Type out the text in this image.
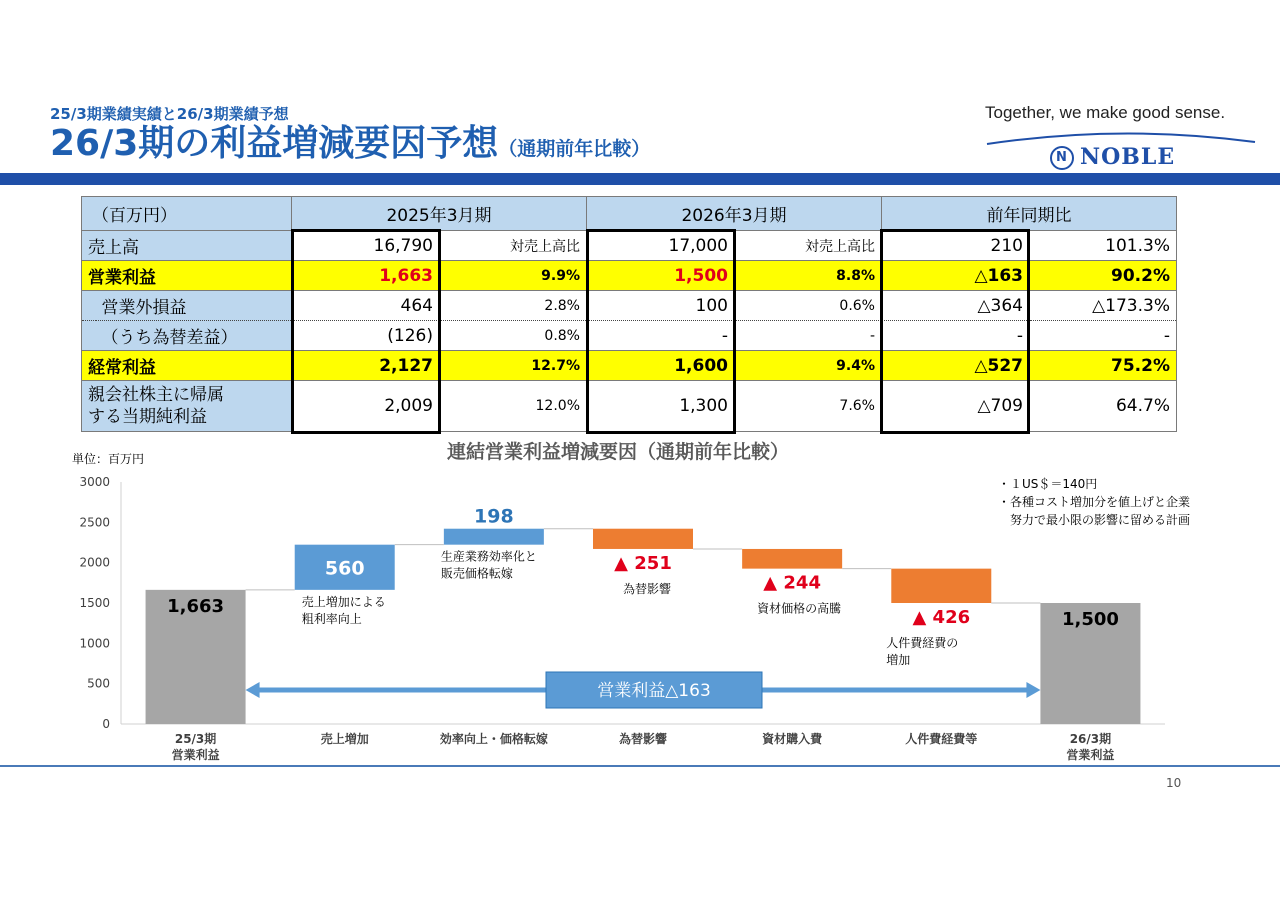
25/3期業績実績と26/3期業績予想
26/3期の利益増減要因予想（通期前年比較）
Together, we make good sense.
N NOBLE
（百万円）		2025年3月期		2026年3月期		前年同期比	
売上高		16,790	対売上高比	17,000	対売上高比	210	101.3%
営業利益		1,663	9.9%	1,500	8.8%	△163	90.2%
	営業外損益	464	2.8%	100	0.6%	△364	△173.3%
	（うち為替差益）	(126)	0.8%	-	-	-	-
経常利益		2,127	12.7%	1,600	9.4%	△527	75.2%
親会社株主に帰属
する当期純利益		2,009	12.0%	1,300	7.6%	△709	64.7%
連結営業利益増減要因（通期前年比較）
単位：百万円
0
500
1000
1500
2000
2500
3000
1,663
25/3期
営業利益
560
売上増加による
粗利率向上
売上増加
198
生産業務効率化と
販売価格転嫁
効率向上・価格転嫁
▲ 251
為替影響
為替影響
▲ 244
資材価格の高騰
資材購入費
▲ 426
人件費経費の
増加
人件費経費等
1,500
26/3期
営業利益
営業利益△163
・１US＄＝140円
・各種コスト増加分を値上げと企業
　努力で最小限の影響に留める計画
10
